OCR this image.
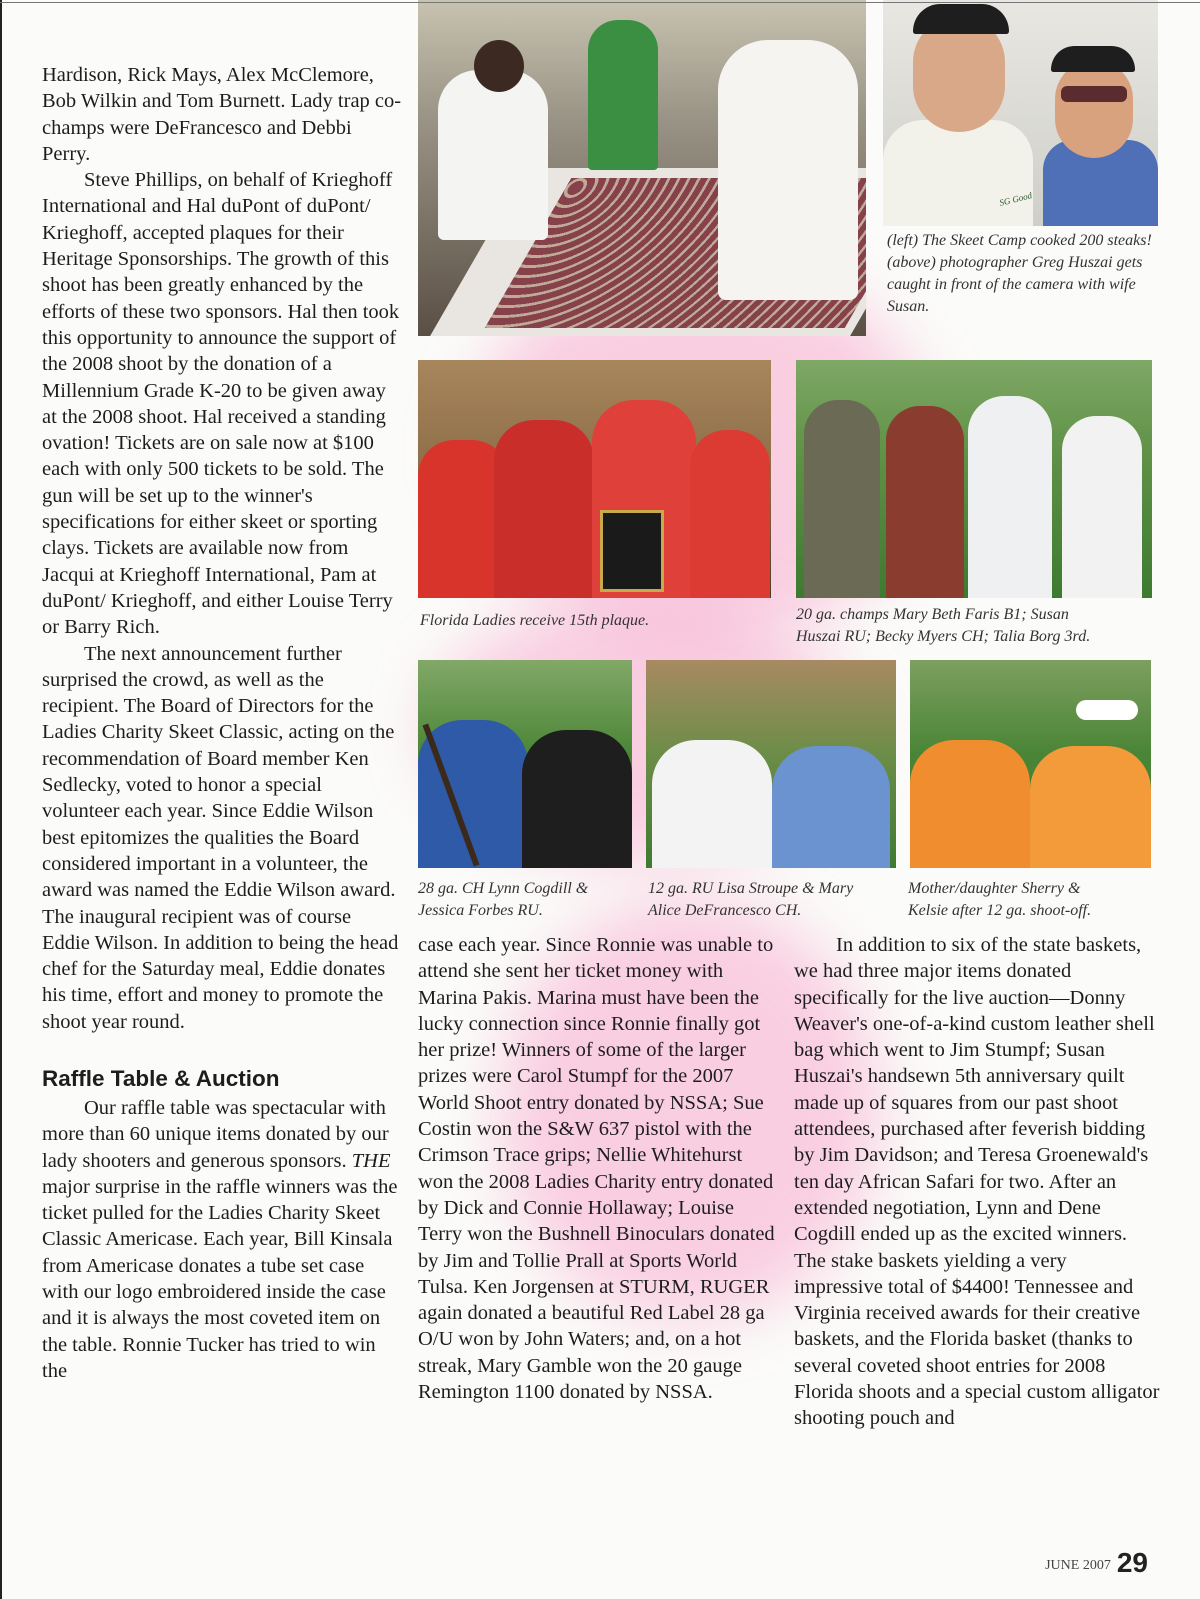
Hardison, Rick Mays, Alex McClemore, Bob Wilkin and Tom Burnett. Lady trap co-champs were DeFrancesco and Debbi Perry.

Steve Phillips, on behalf of Krieghoff International and Hal duPont of duPont/ Krieghoff, accepted plaques for their Heritage Sponsorships. The growth of this shoot has been greatly enhanced by the efforts of these two sponsors. Hal then took this opportunity to announce the support of the 2008 shoot by the donation of a Millennium Grade K-20 to be given away at the 2008 shoot. Hal received a standing ovation! Tickets are on sale now at $100 each with only 500 tickets to be sold. The gun will be set up to the winner's specifications for either skeet or sporting clays. Tickets are available now from Jacqui at Krieghoff International, Pam at duPont/ Krieghoff, and either Louise Terry or Barry Rich.

The next announcement further surprised the crowd, as well as the recipient. The Board of Directors for the Ladies Charity Skeet Classic, acting on the recommendation of Board member Ken Sedlecky, voted to honor a special volunteer each year. Since Eddie Wilson best epitomizes the qualities the Board considered important in a volunteer, the award was named the Eddie Wilson award. The inaugural recipient was of course Eddie Wilson. In addition to being the head chef for the Saturday meal, Eddie donates his time, effort and money to promote the shoot year round.

Raffle Table & Auction

Our raffle table was spectacular with more than 60 unique items donated by our lady shooters and generous sponsors. THE major surprise in the raffle winners was the ticket pulled for the Ladies Charity Skeet Classic Americase. Each year, Bill Kinsala from Americase donates a tube set case with our logo embroidered inside the case and it is always the most coveted item on the table. Ronnie Tucker has tried to win the

case each year. Since Ronnie was unable to attend she sent her ticket money with Marina Pakis. Marina must have been the lucky connection since Ronnie finally got her prize! Winners of some of the larger prizes were Carol Stumpf for the 2007 World Shoot entry donated by NSSA; Sue Costin won the S&W 637 pistol with the Crimson Trace grips; Nellie Whitehurst won the 2008 Ladies Charity entry donated by Dick and Connie Hollaway; Louise Terry won the Bushnell Binoculars donated by Jim and Tollie Prall at Sports World Tulsa. Ken Jorgensen at STURM, RUGER again donated a beautiful Red Label 28 ga O/U won by John Waters; and, on a hot streak, Mary Gamble won the 20 gauge Remington 1100 donated by NSSA.

In addition to six of the state baskets, we had three major items donated specifically for the live auction—Donny Weaver's one-of-a-kind custom leather shell bag which went to Jim Stumpf; Susan Huszai's handsewn 5th anniversary quilt made up of squares from our past shoot attendees, purchased after feverish bidding by Jim Davidson; and Teresa Groenewald's ten day African Safari for two. After an extended negotiation, Lynn and Dene Cogdill ended up as the excited winners. The stake baskets yielding a very impressive total of $4400! Tennessee and Virginia received awards for their creative baskets, and the Florida basket (thanks to several coveted shoot entries for 2008 Florida shoots and a special custom alligator shooting pouch and

SG Good
(left) The Skeet Camp cooked 200 steaks!
(above) photographer Greg Huszai gets caught in front of the camera with wife Susan.
Florida Ladies receive 15th plaque.	20 ga. champs Mary Beth Faris B1; Susan
Huszai RU; Becky Myers CH; Talia Borg 3rd.
28 ga. CH Lynn Cogdill &
Jessica Forbes RU.
12 ga. RU Lisa Stroupe & Mary
Alice DeFrancesco CH.
Mother/daughter Sherry &
Kelsie after 12 ga. shoot-off.
JUNE 2007 29
